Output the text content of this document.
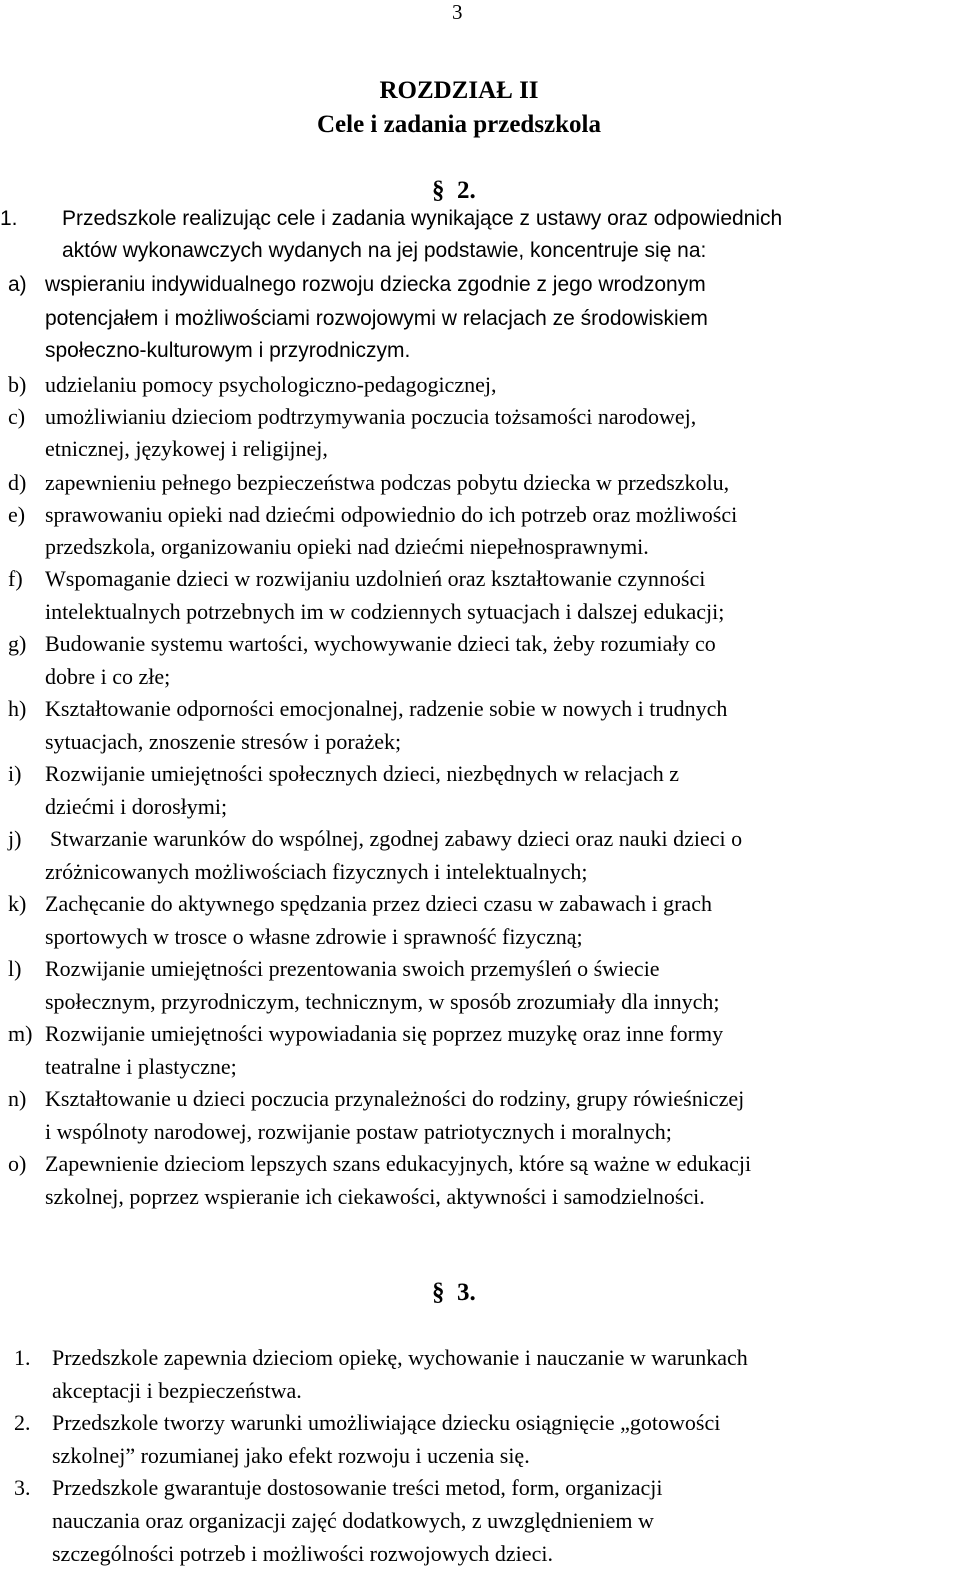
3
ROZDZIAŁ II
Cele i zadania przedszkola
§  2.
1. Przedszkole realizując cele i zadania wynikające z ustawy oraz odpowiednich
aktów wykonawczych wydanych na jej podstawie, koncentruje się na:
a) wspieraniu indywidualnego rozwoju dziecka zgodnie z jego wrodzonym
potencjałem i możliwościami rozwojowymi w relacjach ze środowiskiem
społeczno-kulturowym i przyrodniczym.
b) udzielaniu pomocy psychologiczno-pedagogicznej,
c) umożliwianiu dzieciom podtrzymywania poczucia tożsamości narodowej,
etnicznej, językowej i religijnej,
d) zapewnieniu pełnego bezpieczeństwa podczas pobytu dziecka w przedszkolu,
e) sprawowaniu opieki nad dziećmi odpowiednio do ich potrzeb oraz możliwości
przedszkola, organizowaniu opieki nad dziećmi niepełnosprawnymi.
f) Wspomaganie dzieci w rozwijaniu uzdolnień oraz kształtowanie czynności
intelektualnych potrzebnych im w codziennych sytuacjach i dalszej edukacji;
g) Budowanie systemu wartości, wychowywanie dzieci tak, żeby rozumiały co
dobre i co złe;
h) Kształtowanie odporności emocjonalnej, radzenie sobie w nowych i trudnych
sytuacjach, znoszenie stresów i porażek;
i) Rozwijanie umiejętności społecznych dzieci, niezbędnych w relacjach z
dziećmi i dorosłymi;
j) Stwarzanie warunków do wspólnej, zgodnej zabawy dzieci oraz nauki dzieci o
zróżnicowanych możliwościach fizycznych i intelektualnych;
k) Zachęcanie do aktywnego spędzania przez dzieci czasu w zabawach i grach
sportowych w trosce o własne zdrowie i sprawność fizyczną;
l) Rozwijanie umiejętności prezentowania swoich przemyśleń o świecie
społecznym, przyrodniczym, technicznym, w sposób zrozumiały dla innych;
m) Rozwijanie umiejętności wypowiadania się poprzez muzykę oraz inne formy
teatralne i plastyczne;
n) Kształtowanie u dzieci poczucia przynależności do rodziny, grupy rówieśniczej
i wspólnoty narodowej, rozwijanie postaw patriotycznych i moralnych;
o) Zapewnienie dzieciom lepszych szans edukacyjnych, które są ważne w edukacji
szkolnej, poprzez wspieranie ich ciekawości, aktywności i samodzielności.
§  3.
1. Przedszkole zapewnia dzieciom opiekę, wychowanie i nauczanie w warunkach
akceptacji i bezpieczeństwa.
2. Przedszkole tworzy warunki umożliwiające dziecku osiągnięcie „gotowości
szkolnej” rozumianej jako efekt rozwoju i uczenia się.
3. Przedszkole gwarantuje dostosowanie treści metod, form, organizacji
nauczania oraz organizacji zajęć dodatkowych, z uwzględnieniem w
szczególności potrzeb i możliwości rozwojowych dzieci.
